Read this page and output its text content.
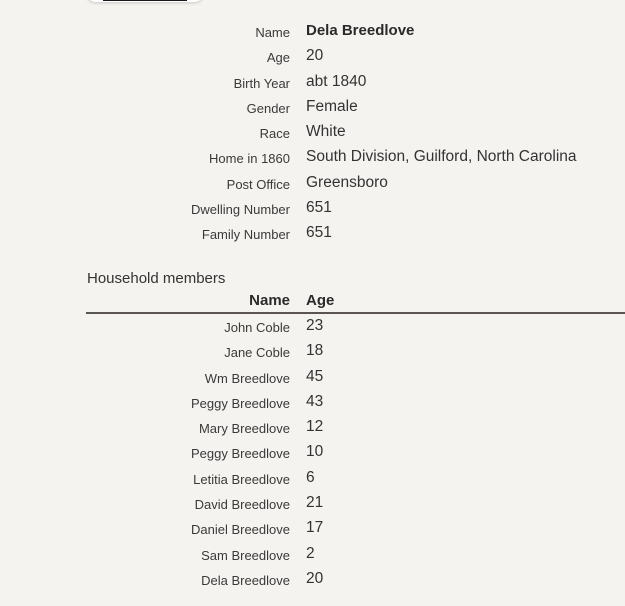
Name Dela Breedlove
Age 20
Birth Year abt 1840
Gender Female
Race White
Home in 1860 South Division, Guilford, North Carolina
Post Office Greensboro
Dwelling Number 651
Family Number 651
Household members
Name Age
John Coble 23
Jane Coble 18
Wm Breedlove 45
Peggy Breedlove 43
Mary Breedlove 12
Peggy Breedlove 10
Letitia Breedlove 6
David Breedlove 21
Daniel Breedlove 17
Sam Breedlove 2
Dela Breedlove 20
